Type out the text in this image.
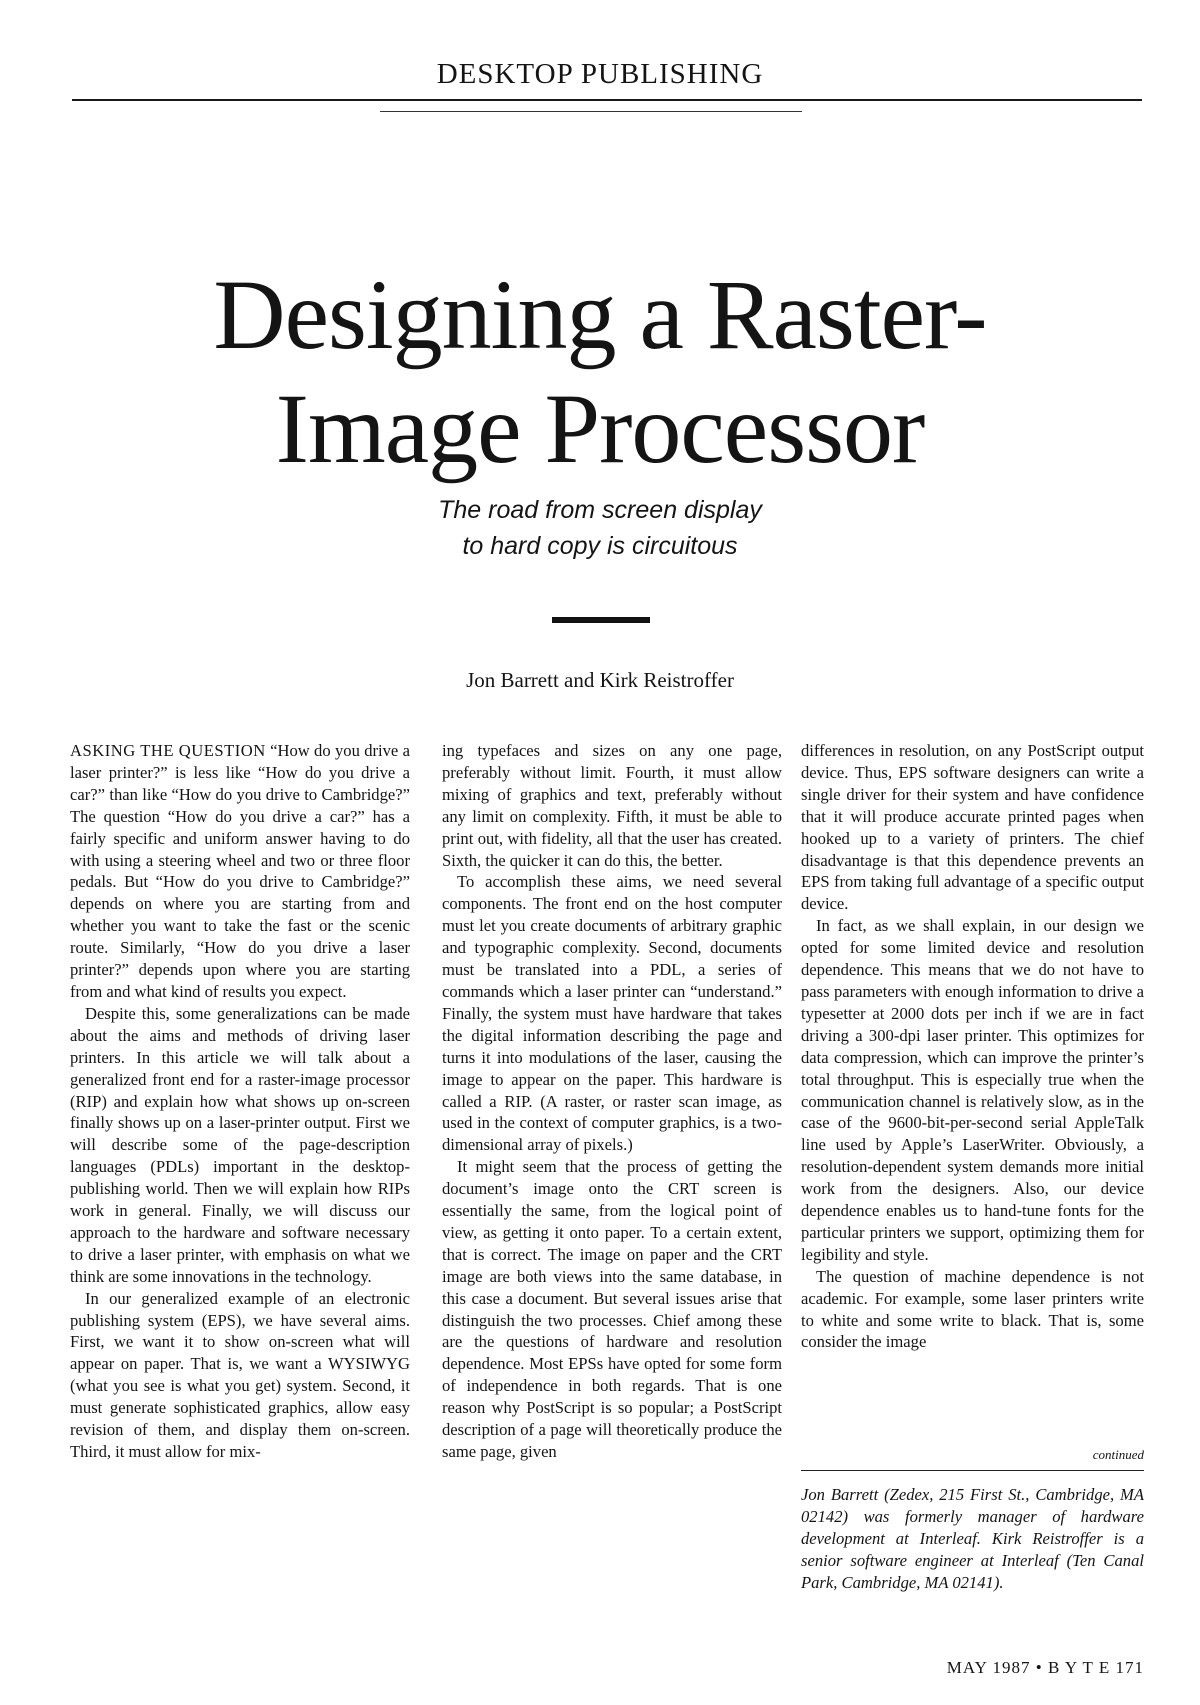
DESKTOP PUBLISHING
Designing a Raster-
Image Processor
The road from screen display
to hard copy is circuitous
Jon Barrett and Kirk Reistroffer

ASKING THE QUESTION “How do you drive a laser printer?” is less like “How do you drive a car?” than like “How do you drive to Cambridge?” The question “How do you drive a car?” has a fairly specific and uniform answer having to do with using a steering wheel and two or three floor pedals. But “How do you drive to Cambridge?” depends on where you are starting from and whether you want to take the fast or the scenic route. Similarly, “How do you drive a laser printer?” depends upon where you are starting from and what kind of results you expect.

Despite this, some generalizations can be made about the aims and methods of driving laser printers. In this article we will talk about a generalized front end for a raster-image processor (RIP) and explain how what shows up on-screen finally shows up on a laser-printer output. First we will describe some of the page-description languages (PDLs) important in the desktop-publishing world. Then we will explain how RIPs work in general. Finally, we will discuss our approach to the hardware and software necessary to drive a laser printer, with emphasis on what we think are some innovations in the technology.

In our generalized example of an electronic publishing system (EPS), we have several aims. First, we want it to show on-screen what will appear on paper. That is, we want a WYSIWYG (what you see is what you get) system. Second, it must generate sophisticated graphics, allow easy revision of them, and display them on-screen. Third, it must allow for mix-

ing typefaces and sizes on any one page, preferably without limit. Fourth, it must allow mixing of graphics and text, preferably without any limit on complexity. Fifth, it must be able to print out, with fidelity, all that the user has created. Sixth, the quicker it can do this, the better.

To accomplish these aims, we need several components. The front end on the host computer must let you create documents of arbitrary graphic and typographic complexity. Second, documents must be translated into a PDL, a series of commands which a laser printer can “understand.” Finally, the system must have hardware that takes the digital information describing the page and turns it into modulations of the laser, causing the image to appear on the paper. This hardware is called a RIP. (A raster, or raster scan image, as used in the context of computer graphics, is a two-dimensional array of pixels.)

It might seem that the process of getting the document’s image onto the CRT screen is essentially the same, from the logical point of view, as getting it onto paper. To a certain extent, that is correct. The image on paper and the CRT image are both views into the same database, in this case a document. But several issues arise that distinguish the two processes. Chief among these are the questions of hardware and resolution dependence. Most EPSs have opted for some form of independence in both regards. That is one reason why PostScript is so popular; a PostScript description of a page will theoretically produce the same page, given

differences in resolution, on any PostScript output device. Thus, EPS software designers can write a single driver for their system and have confidence that it will produce accurate printed pages when hooked up to a variety of printers. The chief disadvantage is that this dependence prevents an EPS from taking full advantage of a specific output device.

In fact, as we shall explain, in our design we opted for some limited device and resolution dependence. This means that we do not have to pass parameters with enough information to drive a typesetter at 2000 dots per inch if we are in fact driving a 300-dpi laser printer. This optimizes for data compression, which can improve the printer’s total throughput. This is especially true when the communication channel is relatively slow, as in the case of the 9600-bit-per-second serial AppleTalk line used by Apple’s LaserWriter. Obviously, a resolution-dependent system demands more initial work from the designers. Also, our device dependence enables us to hand-tune fonts for the particular printers we support, optimizing them for legibility and style.

The question of machine dependence is not academic. For example, some laser printers write to white and some write to black. That is, some consider the image

continued

Jon Barrett (Zedex, 215 First St., Cambridge, MA 02142) was formerly manager of hardware development at Interleaf. Kirk Reistroffer is a senior software engineer at Interleaf (Ten Canal Park, Cambridge, MA 02141).

MAY 1987 • B Y T E 171
